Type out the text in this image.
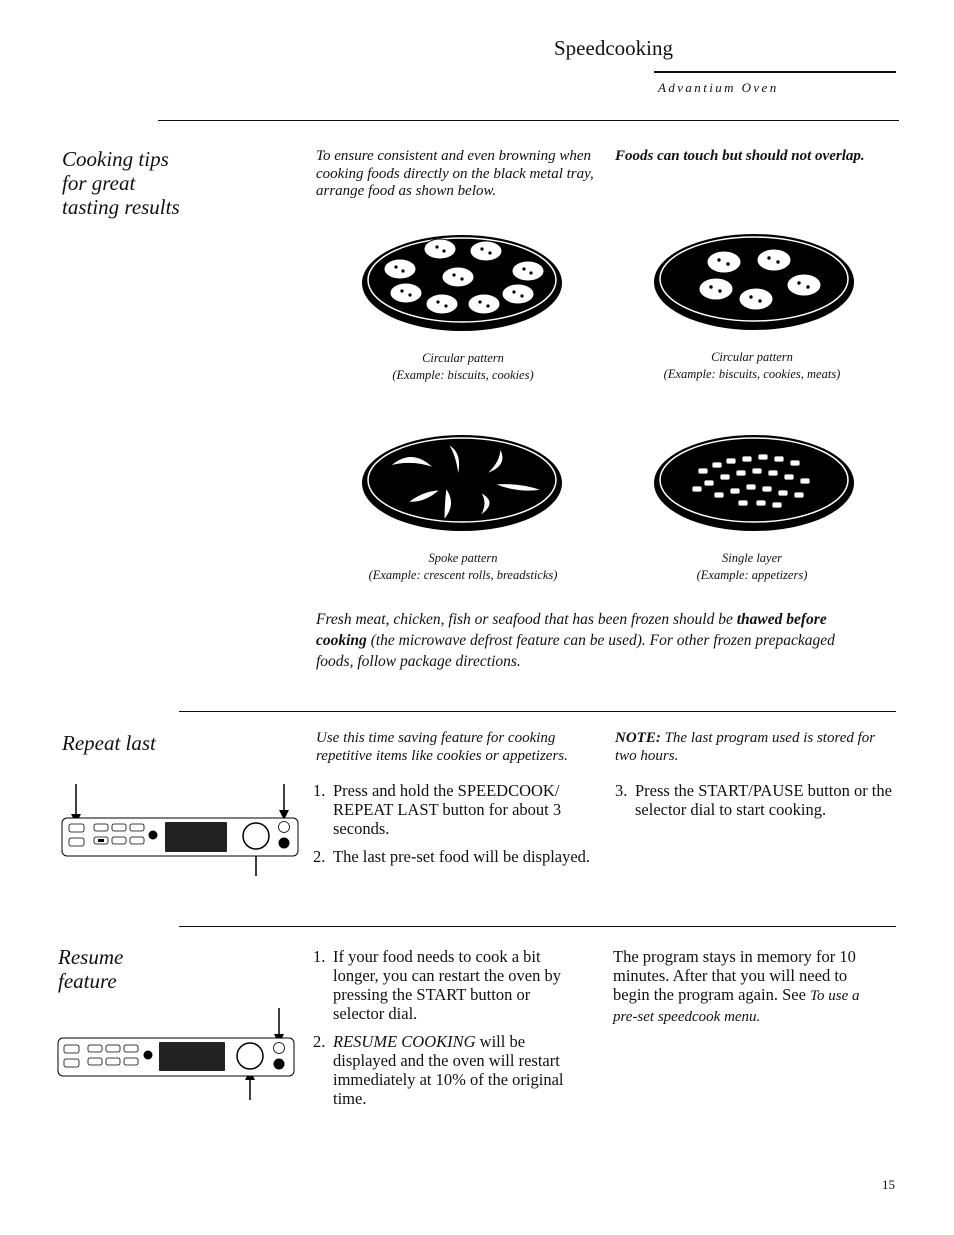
Speedcooking
Advantium Oven
Cooking tips
for great
tasting results
To ensure consistent and even browning when cooking foods directly on the black metal tray, arrange food as shown below.
Foods can touch but should not overlap.
Circular pattern
(Example: biscuits, cookies)
Circular pattern
(Example: biscuits, cookies, meats)
Spoke pattern
(Example: crescent rolls, breadsticks)
Single layer
(Example: appetizers)
Fresh meat, chicken, fish or seafood that has been frozen should be thawed before cooking (the microwave defrost feature can be used). For other frozen prepackaged foods, follow package directions.
Repeat last	Use this time saving feature for cooking repetitive items like cookies or appetizers.
NOTE: The last program used is stored for two hours.
1. Press and hold the SPEEDCOOK/ REPEAT LAST button for about 3 seconds.
2. The last pre-set food will be displayed.
3. Press the START/PAUSE button or the selector dial to start cooking.
Resume
feature
1. If your food needs to cook a bit longer, you can restart the oven by pressing the START button or selector dial.
2. RESUME COOKING will be displayed and the oven will restart immediately at 10% of the original time.
The program stays in memory for 10 minutes. After that you will need to begin the program again. See To use a pre-set speedcook menu.
15
